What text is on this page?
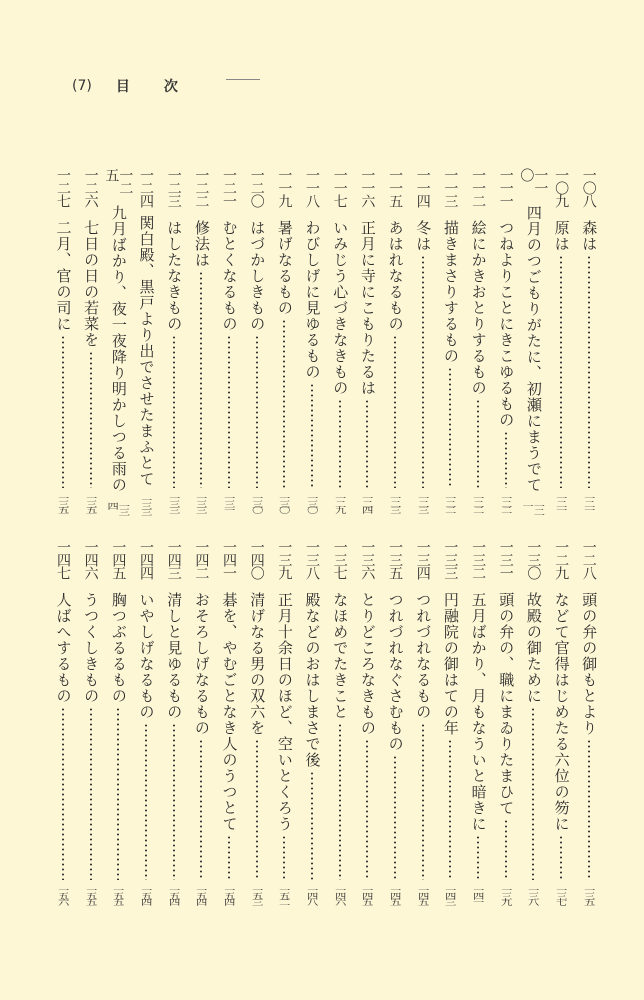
(7) 目　次
一〇八
森は
一二一
一〇九
原は
一二一
一一〇
四月のつごもりがたに、初瀬にまうでて
一二一
一一一
つねよりことにきこゆるもの
一二二
一一二
絵にかきおとりするもの
一二二
一一三
描きまさりするもの
一二二
一一四
冬は
一二三
一一五
あはれなるもの
一二三
一一六
正月に寺にこもりたるは
一二四
一一七
いみじう心づきなきもの
一二九
一一八
わびしげに見ゆるもの
一三〇
一一九
暑げなるもの
一三〇
一二〇
はづかしきもの
一三〇
一二一
むとくなるもの
一三一
一二二
修法は
一三三
一二三
はしたなきもの
一三三
一二四
関白殿、黒戸より出でさせたまふとて
一三三
一二五
九月ばかり、夜一夜降り明かしつる雨の
一三四
一二六
七日の日の若菜を
一三五
一二七
二月、官の司に
一三五
一二八
頭の弁の御もとより
一三五
一二九
などて官得はじめたる六位の笏に
一三七
一三〇
故殿の御ために
一三八
一三一
頭の弁の、職にまゐりたまひて
一三九
一三二
五月ばかり、月もなういと暗きに
一四一
一三三
円融院の御はての年
一四三
一三四
つれづれなるもの
一四五
一三五
つれづれなぐさむもの
一四五
一三六
とりどころなきもの
一四五
一三七
なほめでたきこと
一四六
一三八
殿などのおはしまさで後
一四八
一三九
正月十余日のほど、空いとくろう
一五二
一四〇
清げなる男の双六を
一五三
一四一
碁を、やむごとなき人のうつとて
一五四
一四二
おそろしげなるもの
一五四
一四三
清しと見ゆるもの
一五四
一四四
いやしげなるもの
一五四
一四五
胸つぶるるもの
一五五
一四六
うつくしきもの
一五五
一四七
人ばへするもの
一五六
